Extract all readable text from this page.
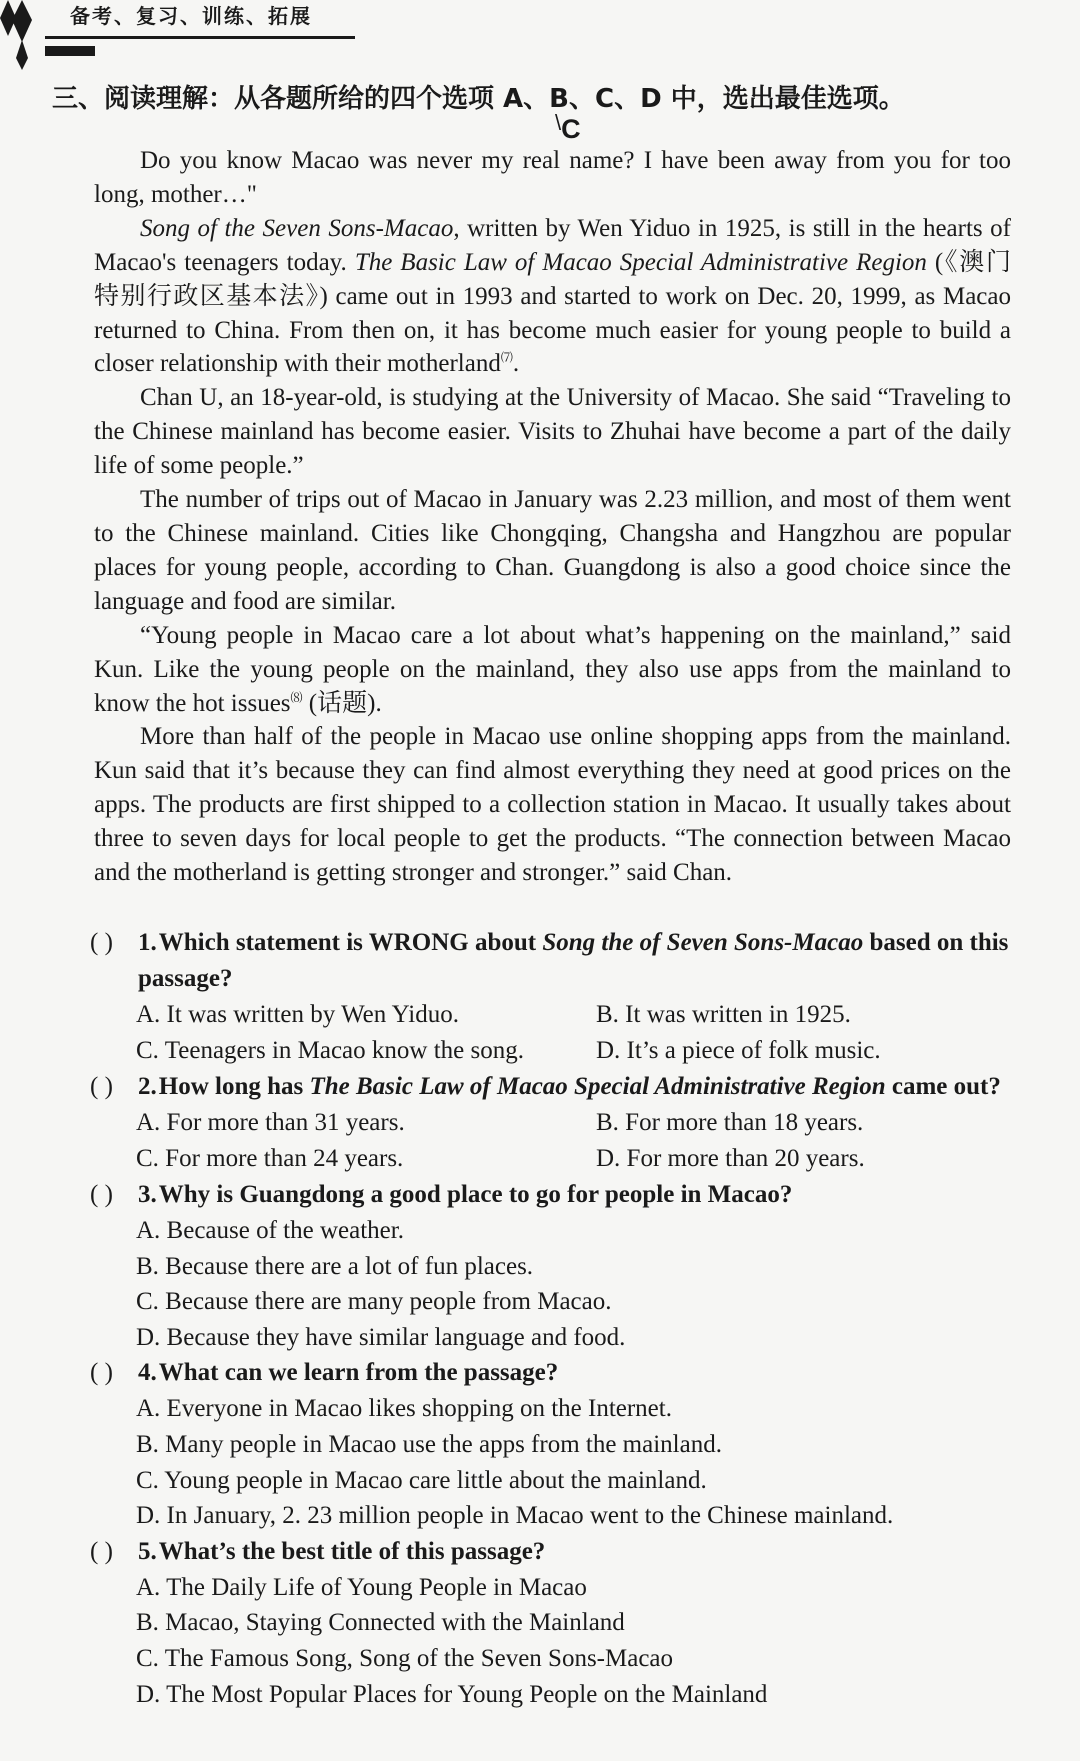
备考、复习、训练、拓展
三、阅读理解：从各题所给的四个选项 A、B、C、D 中，选出最佳选项。
\C

Do you know Macao was never my real name? I have been away from you for too long, mother…"

Song of the Seven Sons-Macao, written by Wen Yiduo in 1925, is still in the hearts of Macao's teenagers today. The Basic Law of Macao Special Administrative Region (《澳门特别行政区基本法》) came out in 1993 and started to work on Dec. 20, 1999, as Macao returned to China. From then on, it has become much easier for young people to build a closer relationship with their motherland⑺.

Chan U, an 18-year-old, is studying at the University of Macao. She said “Traveling to the Chinese mainland has become easier. Visits to Zhuhai have become a part of the daily life of some people.”

The number of trips out of Macao in January was 2.23 million, and most of them went to the Chinese mainland. Cities like Chongqing, Changsha and Hangzhou are popular places for young people, according to Chan. Guangdong is also a good choice since the language and food are similar.

“Young people in Macao care a lot about what’s happening on the mainland,” said Kun. Like the young people on the mainland, they also use apps from the mainland to know the hot issues⑻ (话题).

More than half of the people in Macao use online shopping apps from the mainland. Kun said that it’s because they can find almost everything they need at good prices on the apps. The products are first shipped to a collection station in Macao. It usually takes about three to seven days for local people to get the products. “The connection between Macao and the motherland is getting stronger and stronger.” said Chan.

( )	1.Which statement is WRONG about Song the of Seven Sons-Macao based on this passage?
A. It was written by Wen Yiduo.	B. It was written in 1925.
C. Teenagers in Macao know the song.	D. It’s a piece of folk music.
( )	2.How long has The Basic Law of Macao Special Administrative Region came out?
A. For more than 31 years.	B. For more than 18 years.
C. For more than 24 years.	D. For more than 20 years.
( )	3.Why is Guangdong a good place to go for people in Macao?
A. Because of the weather.
B. Because there are a lot of fun places.
C. Because there are many people from Macao.
D. Because they have similar language and food.
( )	4.What can we learn from the passage?
A. Everyone in Macao likes shopping on the Internet.
B. Many people in Macao use the apps from the mainland.
C. Young people in Macao care little about the mainland.
D. In January, 2. 23 million people in Macao went to the Chinese mainland.
( )	5.What’s the best title of this passage?
A. The Daily Life of Young People in Macao
B. Macao, Staying Connected with the Mainland
C. The Famous Song, Song of the Seven Sons-Macao
D. The Most Popular Places for Young People on the Mainland
